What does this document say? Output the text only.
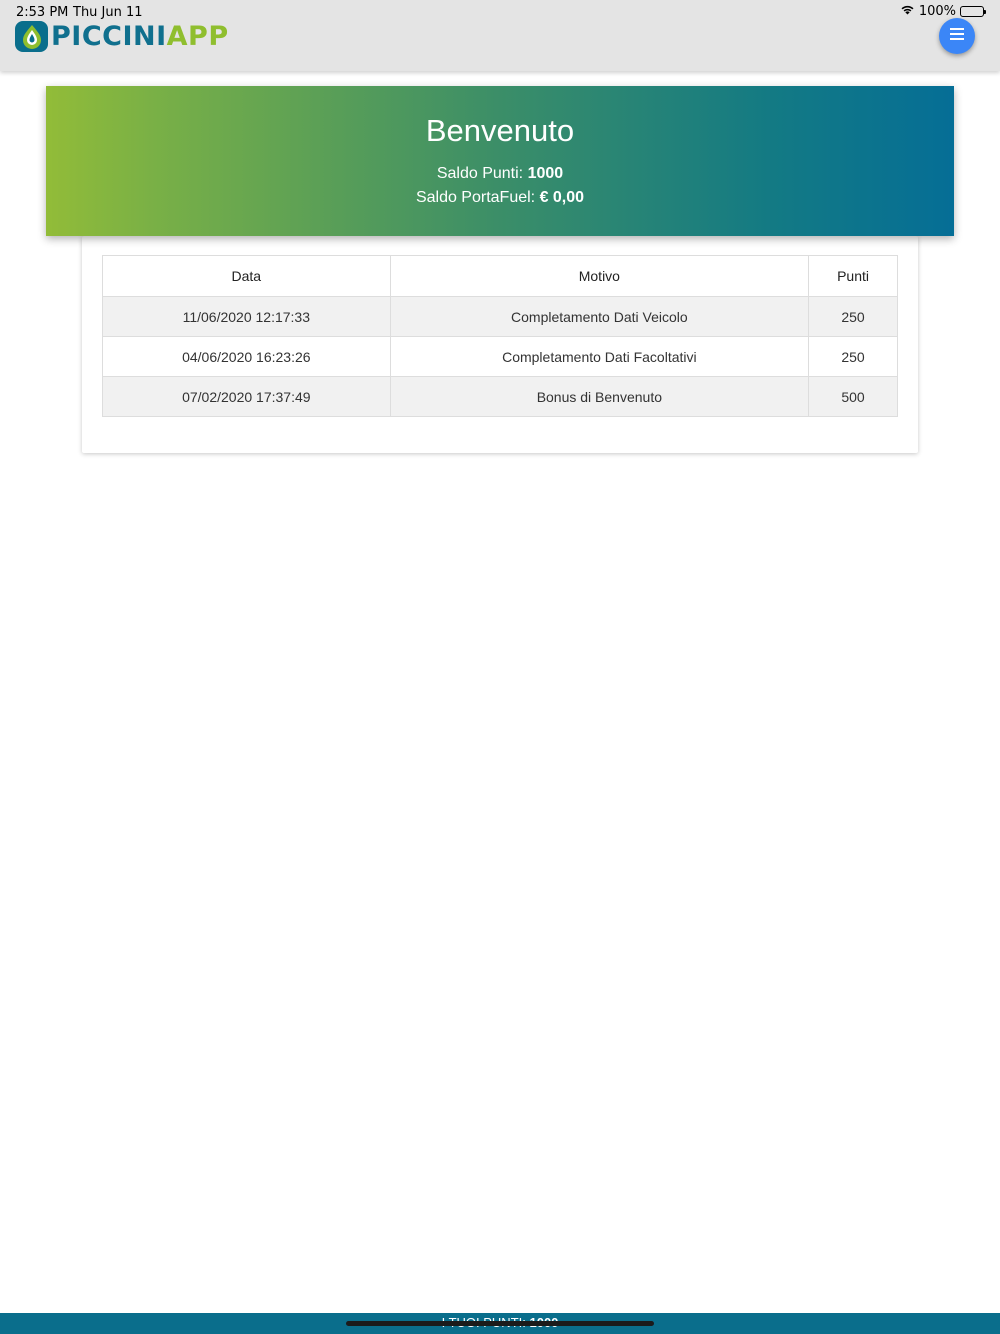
2:53 PM Thu Jun 11	100%
PICCINIAPP
Benvenuto
Saldo Punti: 1000
Saldo PortaFuel: € 0,00
Data	Motivo	Punti
11/06/2020 12:17:33	Completamento Dati Veicolo	250
04/06/2020 16:23:26	Completamento Dati Facoltativi	250
07/02/2020 17:37:49	Bonus di Benvenuto	500
